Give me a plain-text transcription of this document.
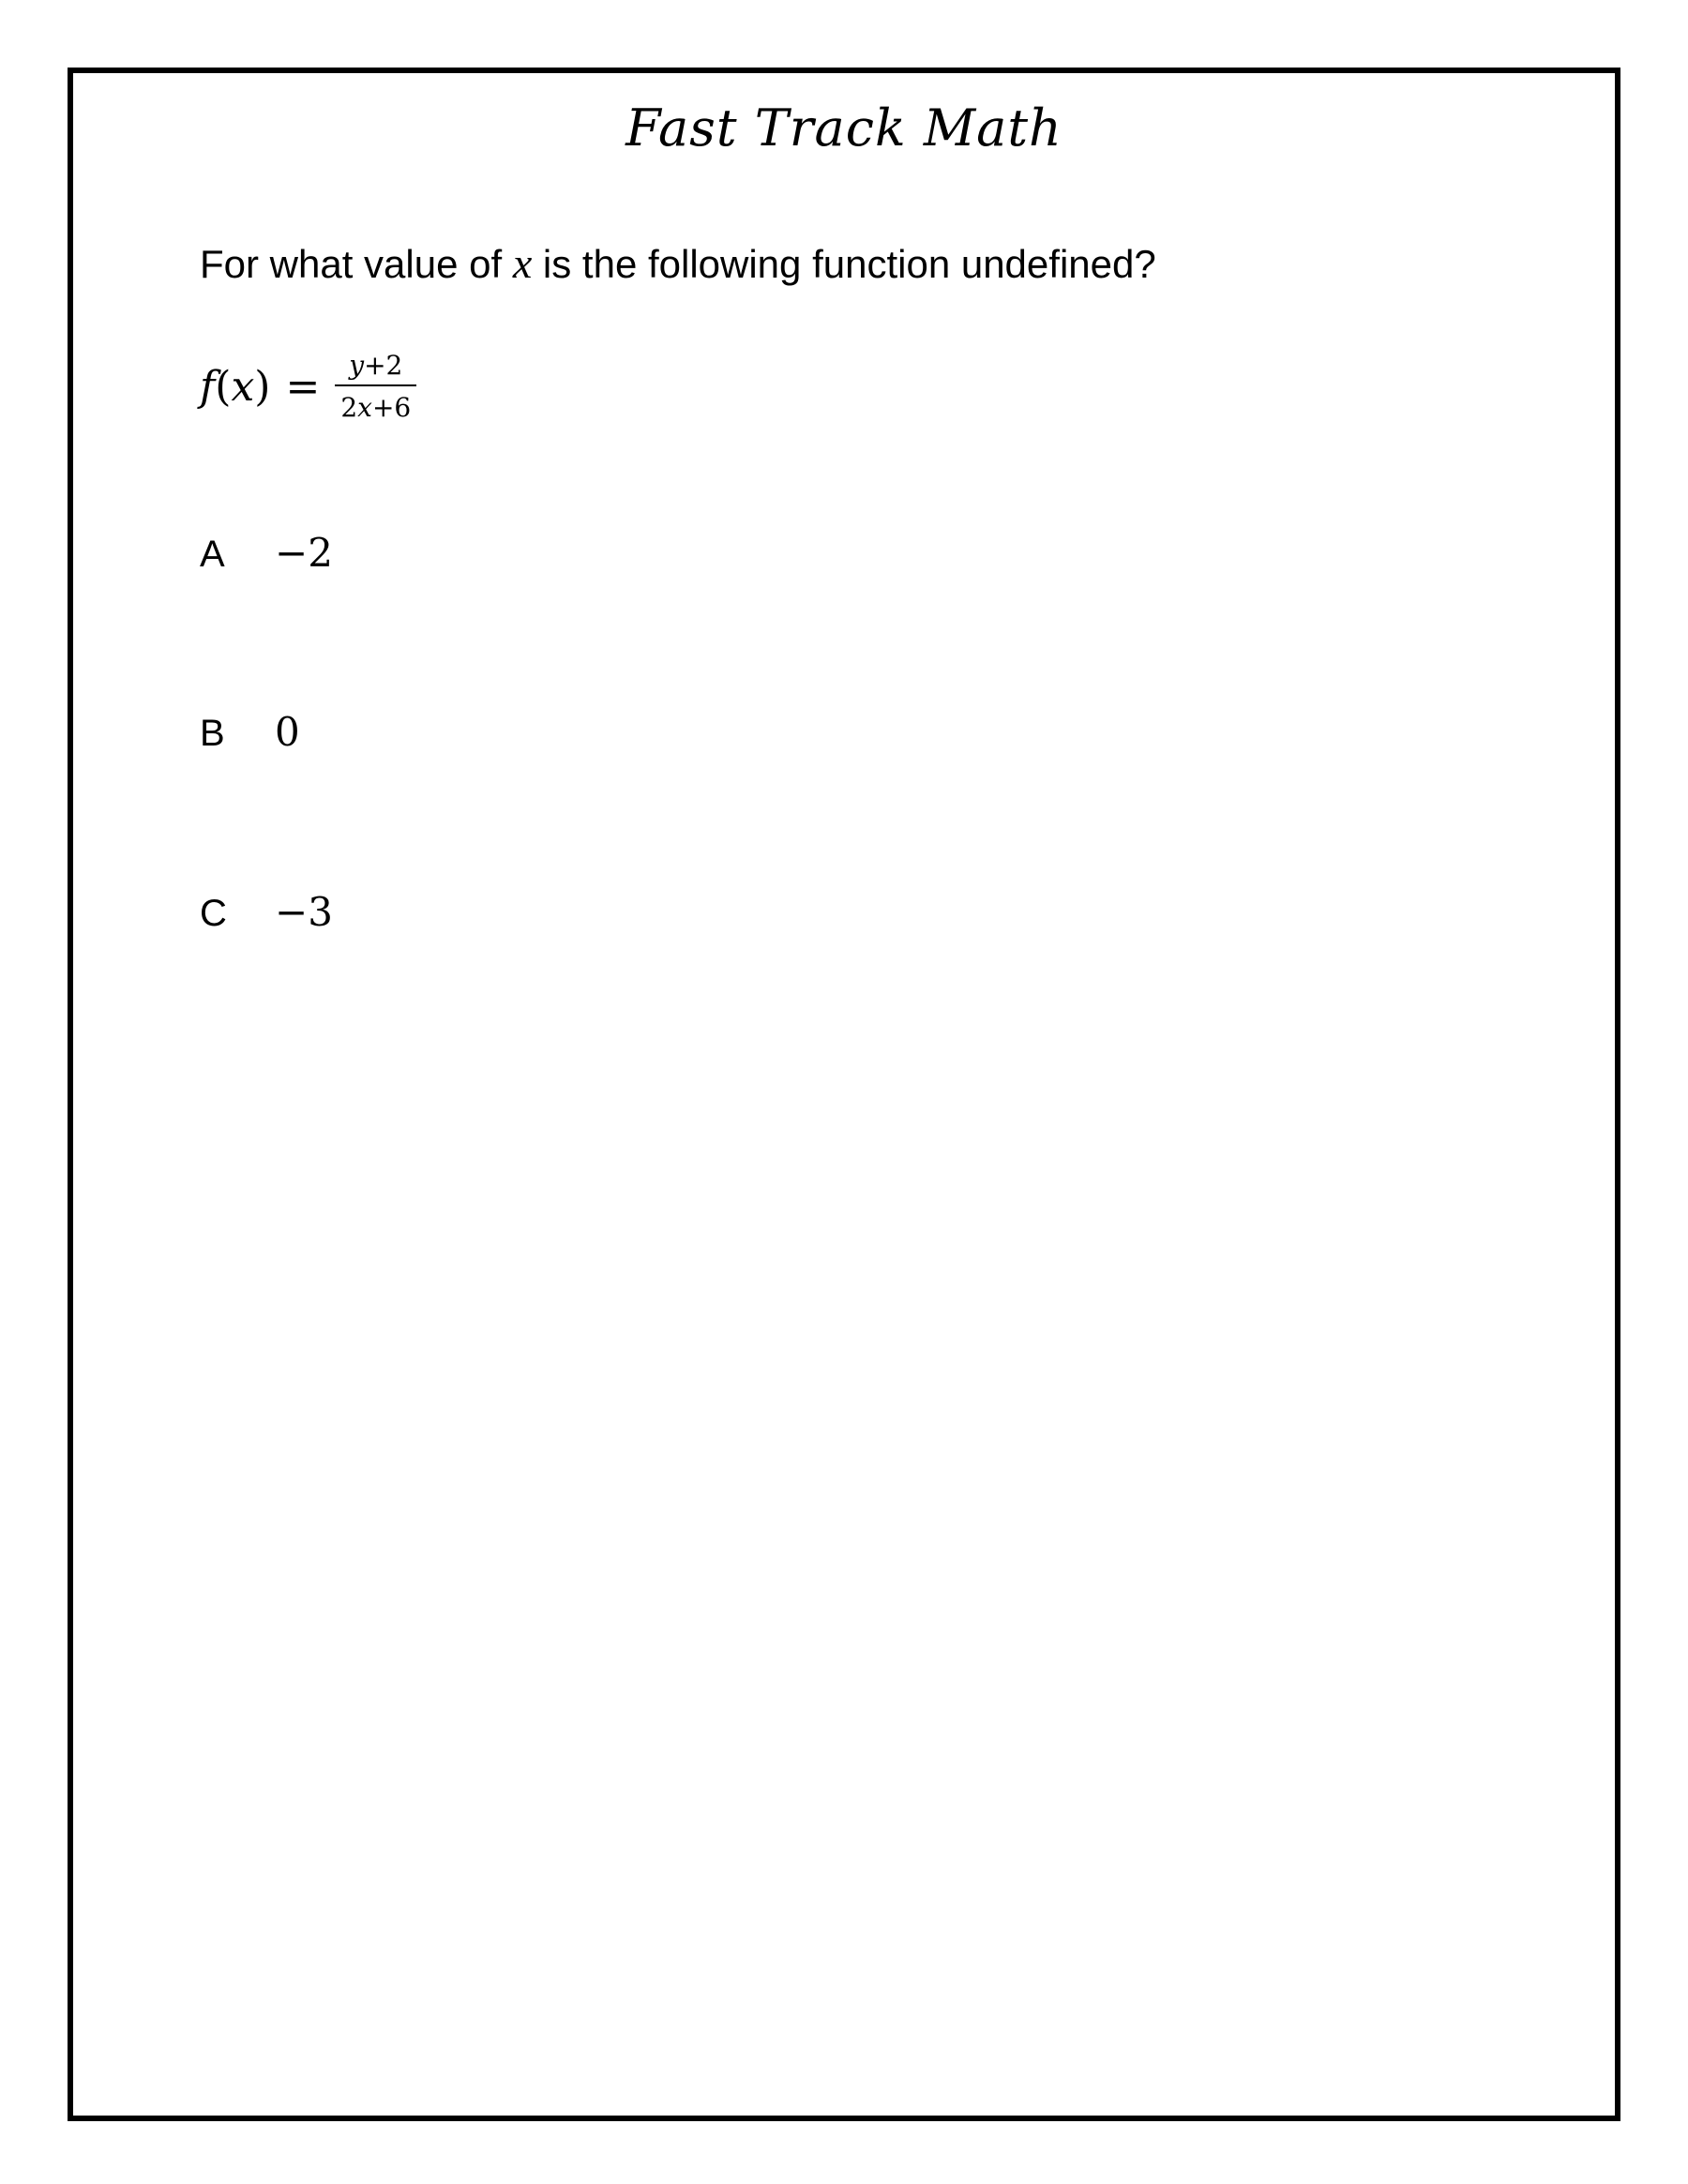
Fast Track Math
For what value of x is the following function undefined?
$f(x) = \frac{y+2}{2x+6}$
A	−2
B	0
C	−3
